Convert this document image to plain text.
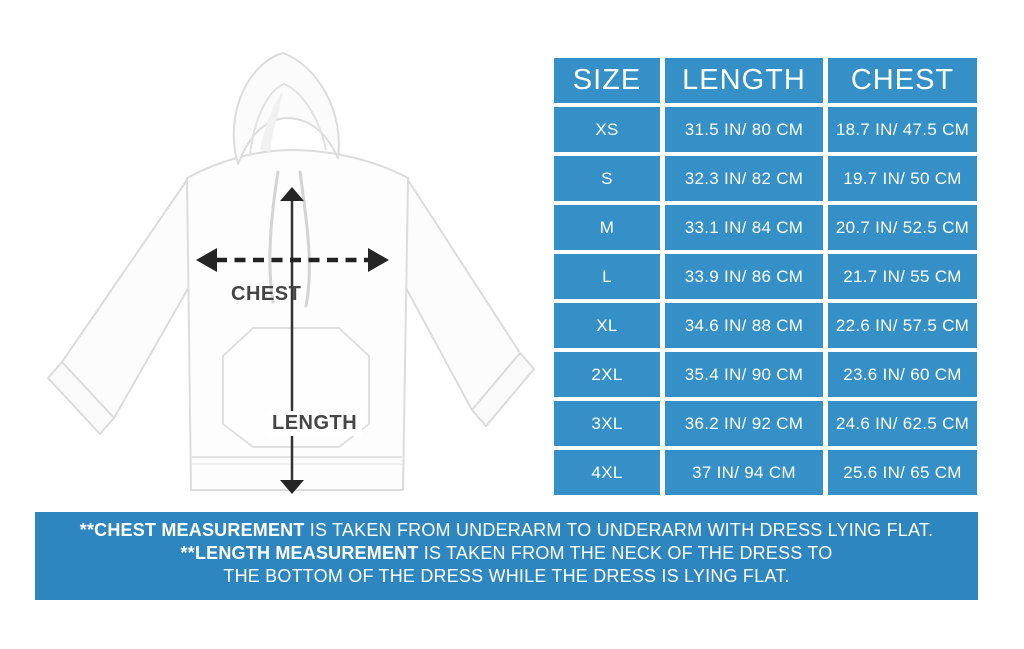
CHEST
LENGTH
SIZE	LENGTH	CHEST
XS	31.5 IN/ 80 CM	18.7 IN/ 47.5 CM
S	32.3 IN/ 82 CM	19.7 IN/ 50 CM
M	33.1 IN/ 84 CM	20.7 IN/ 52.5 CM
L	33.9 IN/ 86 CM	21.7 IN/ 55 CM
XL	34.6 IN/ 88 CM	22.6 IN/ 57.5 CM
2XL	35.4 IN/ 90 CM	23.6 IN/ 60 CM
3XL	36.2 IN/ 92 CM	24.6 IN/ 62.5 CM
4XL	37 IN/ 94 CM	25.6 IN/ 65 CM
**CHEST MEASUREMENT IS TAKEN FROM UNDERARM TO UNDERARM WITH DRESS LYING FLAT.
**LENGTH MEASUREMENT IS TAKEN FROM THE NECK OF THE DRESS TO
THE BOTTOM OF THE DRESS WHILE THE DRESS IS LYING FLAT.
